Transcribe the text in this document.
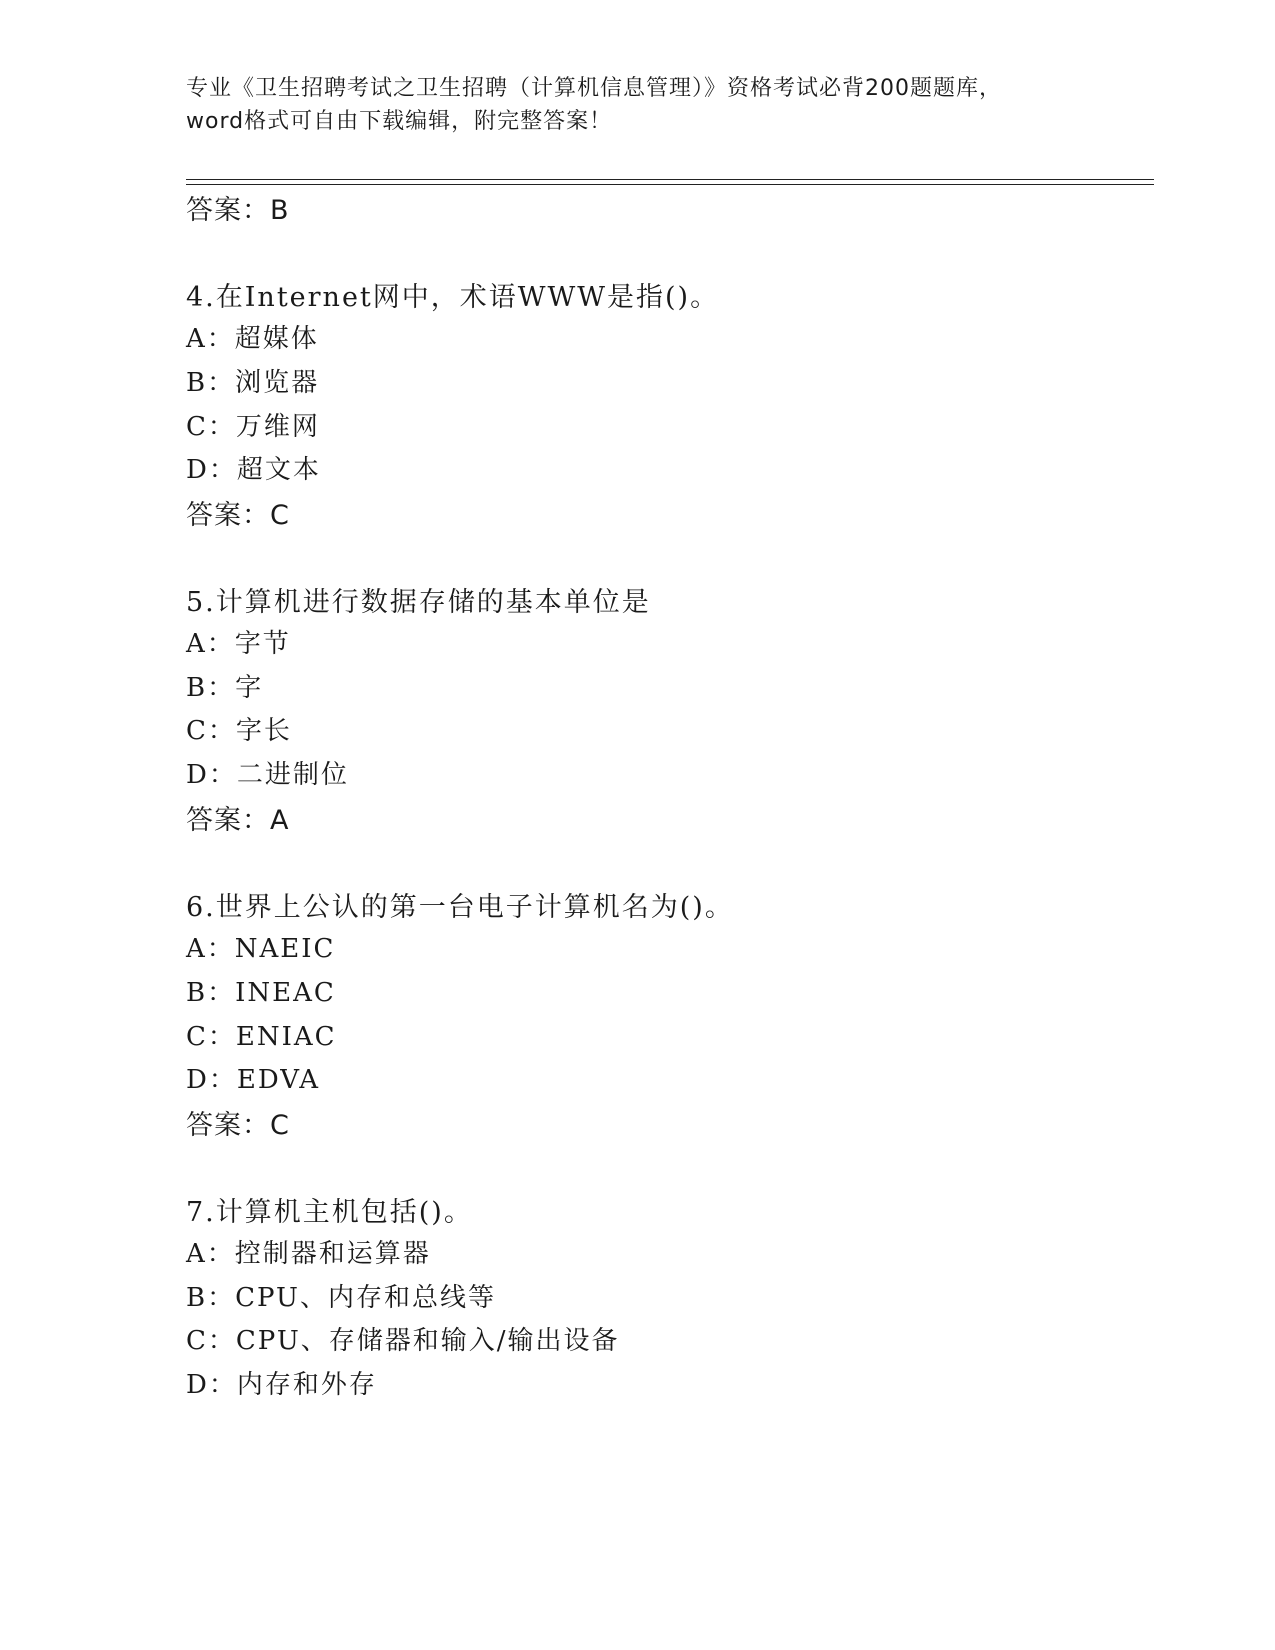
专业《卫生招聘考试之卫生招聘（计算机信息管理）》资格考试必背200题题库，
word格式可自由下载编辑，附完整答案！
答案：B
4.在Internet网中，术语WWW是指()。
A：超媒体
B：浏览器
C：万维网
D：超文本
答案：C
5.计算机进行数据存储的基本单位是
A：字节
B：字
C：字长
D：二进制位
答案：A
6.世界上公认的第一台电子计算机名为()。
A：NAEIC
B：INEAC
C：ENIAC
D：EDVA
答案：C
7.计算机主机包括()。
A：控制器和运算器
B：CPU、内存和总线等
C：CPU、存储器和输入/输出设备
D：内存和外存
